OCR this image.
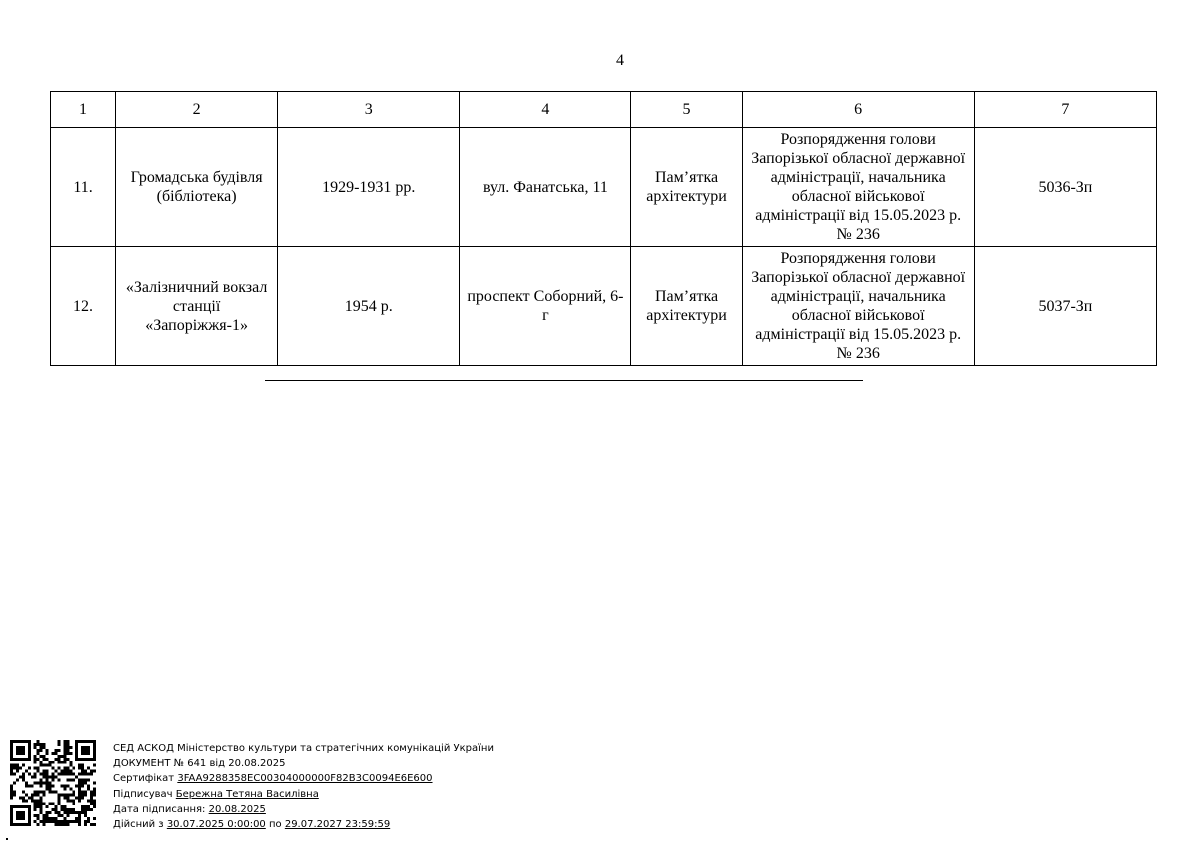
4
1	2	3	4	5	6	7
11.	Громадська будівля (бібліотека)	1929-1931 рр.	вул. Фанатська, 11	Пам’ятка архітектури	Розпорядження голови Запорізької обласної державної адміністрації, начальника обласної військової адміністрації від 15.05.2023 р. № 236	5036-Зп
12.	«Залізничний вокзал станції «Запоріжжя-1»	1954 р.	проспект Соборний, 6-г	Пам’ятка архітектури	Розпорядження голови Запорізької обласної державної адміністрації, начальника обласної військової адміністрації від 15.05.2023 р. № 236	5037-Зп
СЕД АСКОД Міністерство культури та стратегічних комунікацій України
ДОКУМЕНТ № 641 від 20.08.2025
Сертифікат 3FAA9288358EC00304000000F82B3C0094E6E600
Підписувач Бережна Тетяна Василівна
Дата підписання: 20.08.2025
Дійсний з 30.07.2025 0:00:00 по 29.07.2027 23:59:59
